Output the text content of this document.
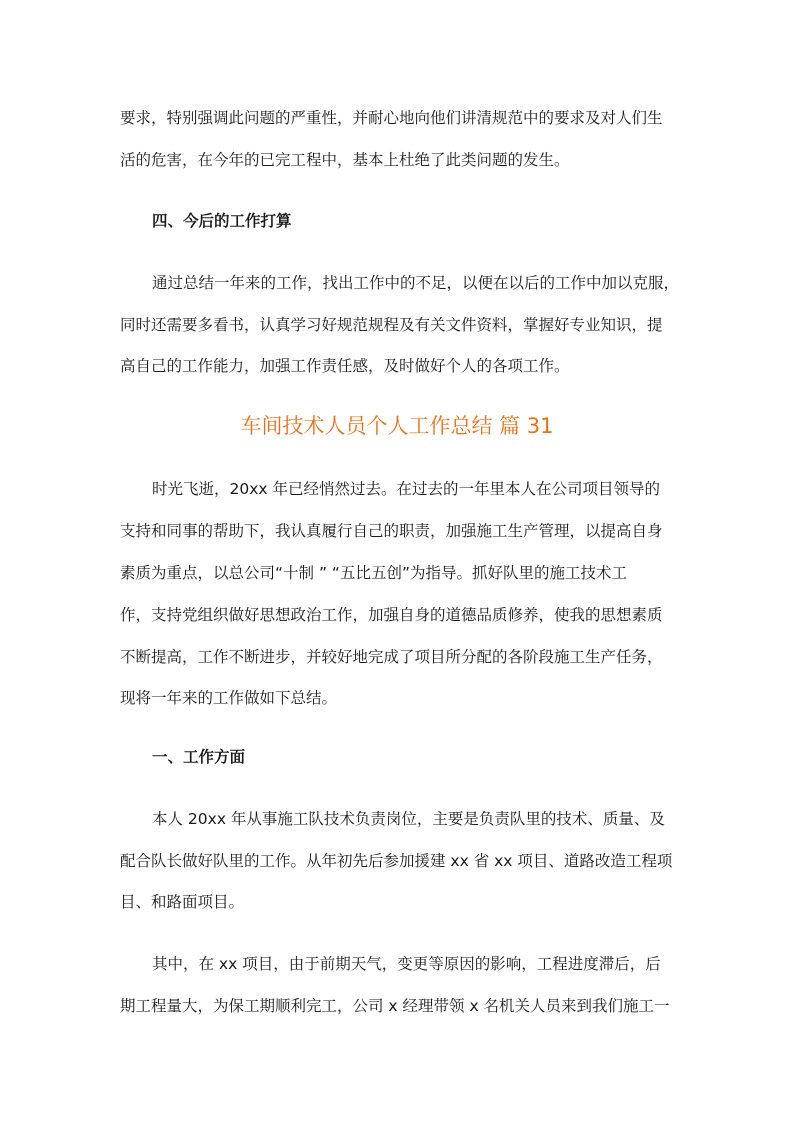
要求，特别强调此问题的严重性，并耐心地向他们讲清规范中的要求及对人们生
活的危害，在今年的已完工程中，基本上杜绝了此类问题的发生。
四、今后的工作打算
通过总结一年来的工作，找出工作中的不足，以便在以后的工作中加以克服，
同时还需要多看书，认真学习好规范规程及有关文件资料，掌握好专业知识，提
高自己的工作能力，加强工作责任感，及时做好个人的各项工作。
车间技术人员个人工作总结 篇 31
时光飞逝，20xx 年已经悄然过去。在过去的一年里本人在公司项目领导的
支持和同事的帮助下，我认真履行自己的职责，加强施工生产管理，以提高自身
素质为重点，以总公司“十制 ” “五比五创”为指导。抓好队里的施工技术工
作，支持党组织做好思想政治工作，加强自身的道德品质修养，使我的思想素质
不断提高，工作不断进步，并较好地完成了项目所分配的各阶段施工生产任务，
现将一年来的工作做如下总结。
一、工作方面
本人 20xx 年从事施工队技术负责岗位，主要是负责队里的技术、质量、及
配合队长做好队里的工作。从年初先后参加援建 xx 省 xx 项目、道路改造工程项
目、和路面项目。
其中，在 xx 项目，由于前期天气，变更等原因的影响，工程进度滞后，后
期工程量大，为保工期顺利完工，公司 x 经理带领 x 名机关人员来到我们施工一
